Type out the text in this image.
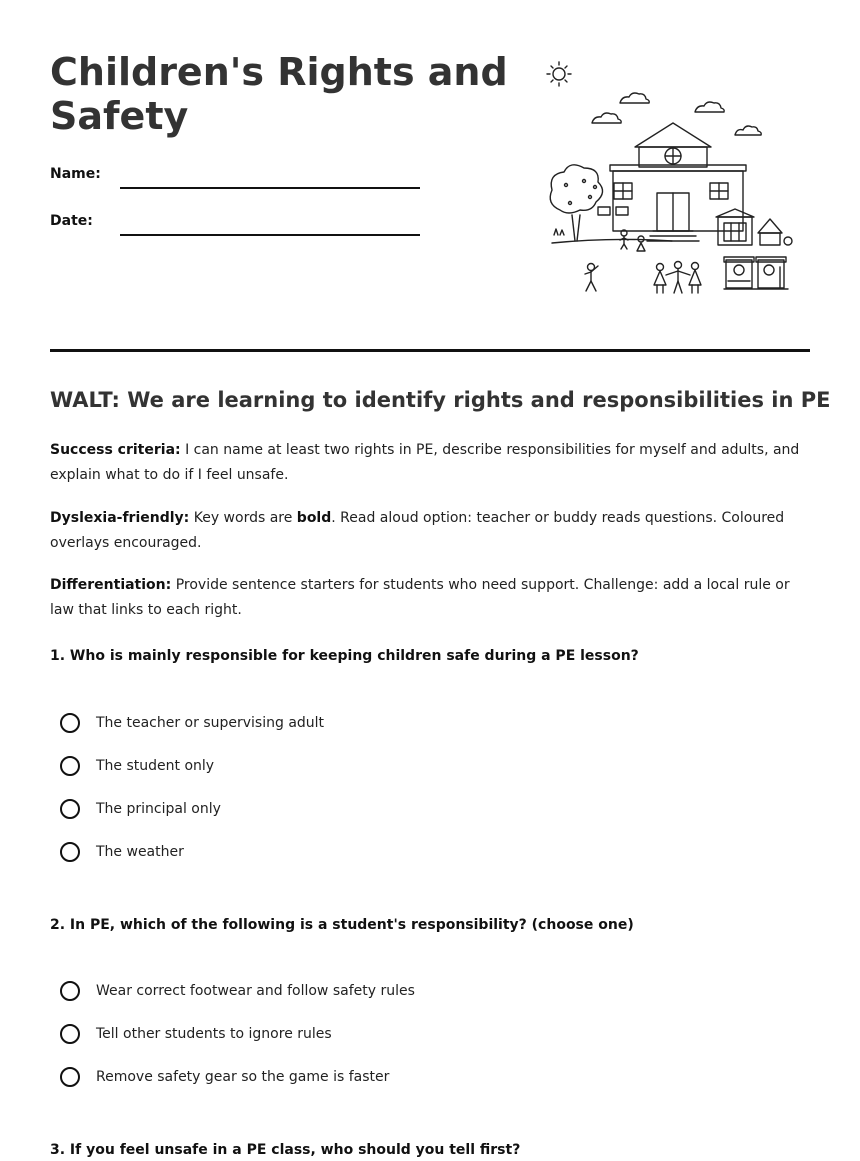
Children's Rights and Safety
Name:
Date:
WALT: We are learning to identify rights and responsibilities in PE

Success criteria: I can name at least two rights in PE, describe responsibilities for myself and adults, and explain what to do if I feel unsafe.

Dyslexia-friendly: Key words are bold. Read aloud option: teacher or buddy reads questions. Coloured overlays encouraged.

Differentiation: Provide sentence starters for students who need support. Challenge: add a local rule or law that links to each right.

1. Who is mainly responsible for keeping children safe during a PE lesson?
The teacher or supervising adult
The student only
The principal only
The weather
2. In PE, which of the following is a student's responsibility? (choose one)
Wear correct footwear and follow safety rules
Tell other students to ignore rules
Remove safety gear so the game is faster
3. If you feel unsafe in a PE class, who should you tell first?
